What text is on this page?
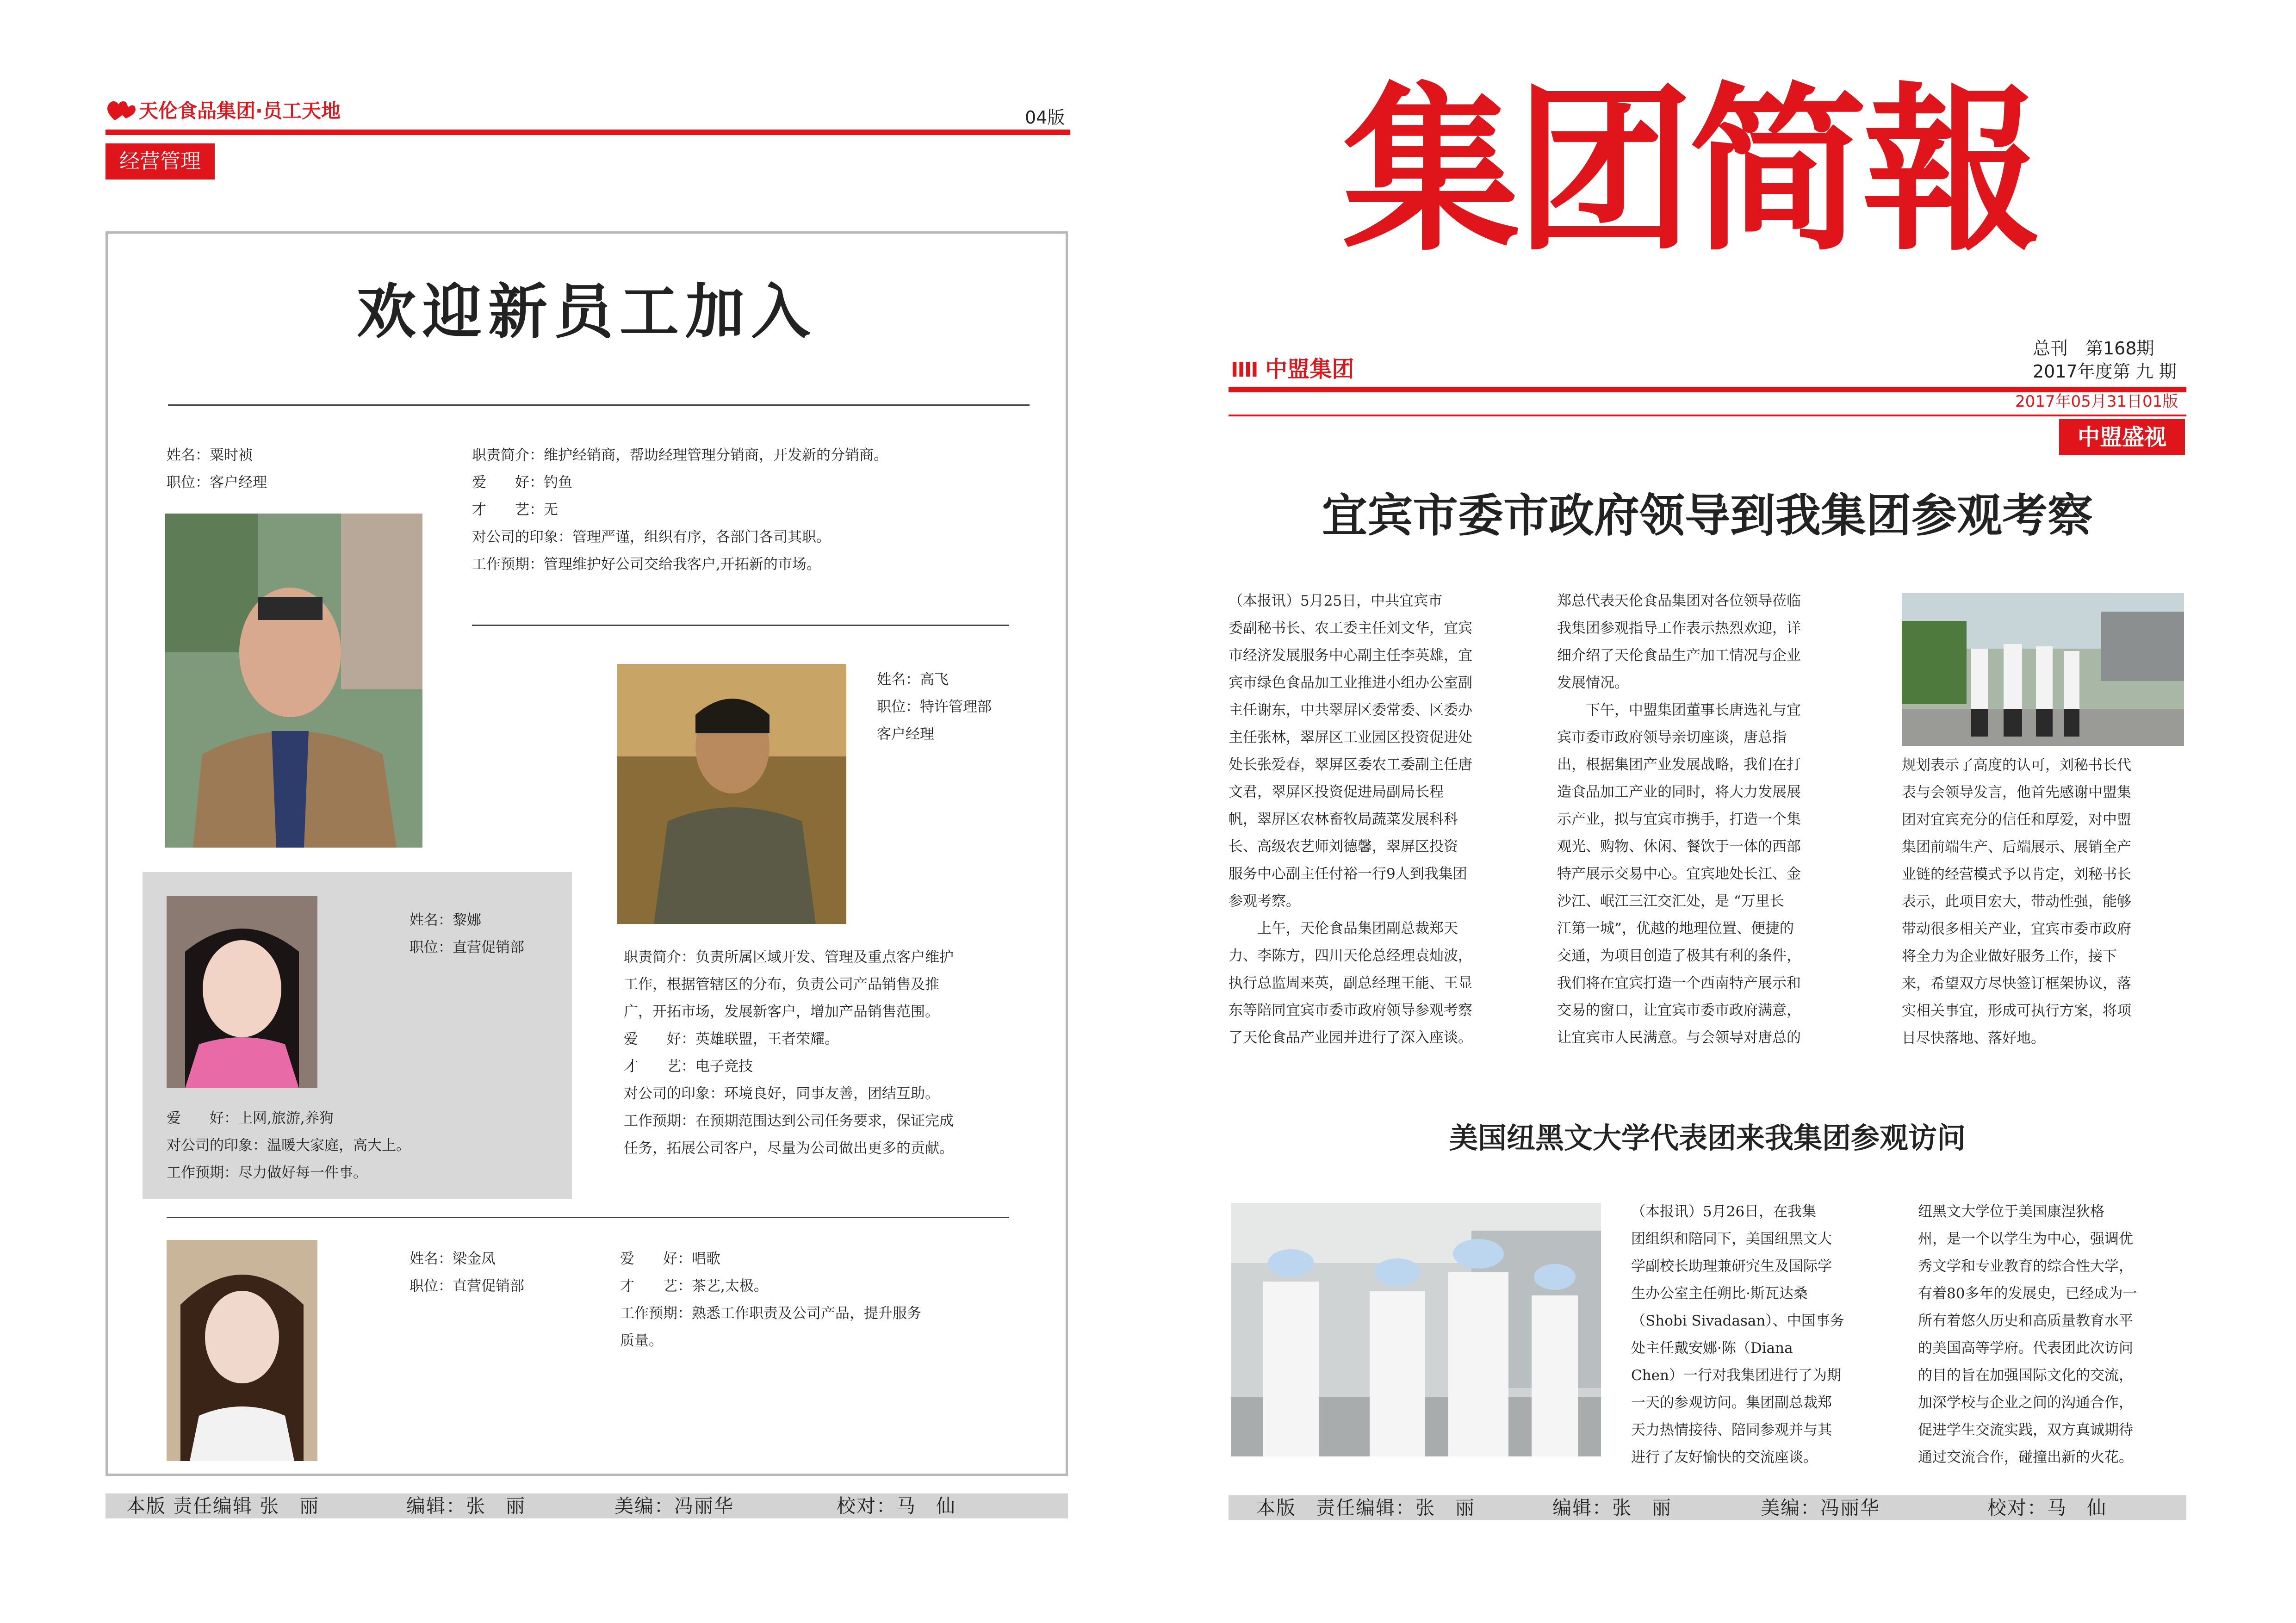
天伦食品集团·员工天地	04版
经营管理
欢迎新员工加入
姓名：粟时祯
职位：客户经理
职责简介：维护经销商，帮助经理管理分销商，开发新的分销商。
爱　　好：钓鱼
才　　艺：无
对公司的印象：管理严谨，组织有序，各部门各司其职。
工作预期：管理维护好公司交给我客户,开拓新的市场。
姓名：高飞
职位：特许管理部
客户经理
职责简介：负责所属区域开发、管理及重点客户维护
工作，根据管辖区的分布，负责公司产品销售及推
广，开拓市场，发展新客户，增加产品销售范围。
爱　　好：英雄联盟，王者荣耀。
才　　艺：电子竞技
对公司的印象：环境良好，同事友善，团结互助。
工作预期：在预期范围达到公司任务要求，保证完成
任务，拓展公司客户，尽量为公司做出更多的贡献。
姓名：黎娜
职位：直营促销部
爱　　好：上网,旅游,养狗
对公司的印象：温暖大家庭，高大上。
工作预期：尽力做好每一件事。
姓名：梁金凤
职位：直营促销部
爱　　好：唱歌
才　　艺：茶艺,太极。
工作预期：熟悉工作职责及公司产品，提升服务
质量。
本版 责任编辑 张　丽	编辑：张　丽	美编：冯丽华	校对：马　仙
集团简報
ⅠⅠⅠⅠ 中盟集团
总刊　第168期
2017年度第 九 期
2017年05月31日01版
中盟盛视
宜宾市委市政府领导到我集团参观考察
（本报讯）5月25日，中共宜宾市
委副秘书长、农工委主任刘文华，宜宾
市经济发展服务中心副主任李英雄，宜
宾市绿色食品加工业推进小组办公室副
主任谢东，中共翠屏区委常委、区委办
主任张林，翠屏区工业园区投资促进处
处长张爱春，翠屏区委农工委副主任唐
文君，翠屏区投资促进局副局长程
帆，翠屏区农林畜牧局蔬菜发展科科
长、高级农艺师刘德馨，翠屏区投资
服务中心副主任付裕一行9人到我集团
参观考察。
　　上午，天伦食品集团副总裁郑天
力、李陈方，四川天伦总经理袁灿波，
执行总监周来英，副总经理王能、王显
东等陪同宜宾市委市政府领导参观考察
了天伦食品产业园并进行了深入座谈。
郑总代表天伦食品集团对各位领导莅临
我集团参观指导工作表示热烈欢迎，详
细介绍了天伦食品生产加工情况与企业
发展情况。
　　下午，中盟集团董事长唐选礼与宜
宾市委市政府领导亲切座谈，唐总指
出，根据集团产业发展战略，我们在打
造食品加工产业的同时，将大力发展展
示产业，拟与宜宾市携手，打造一个集
观光、购物、休闲、餐饮于一体的西部
特产展示交易中心。宜宾地处长江、金
沙江、岷江三江交汇处，是 “万里长
江第一城”，优越的地理位置、便捷的
交通，为项目创造了极其有利的条件，
我们将在宜宾打造一个西南特产展示和
交易的窗口，让宜宾市委市政府满意，
让宜宾市人民满意。与会领导对唐总的
规划表示了高度的认可，刘秘书长代
表与会领导发言，他首先感谢中盟集
团对宜宾充分的信任和厚爱，对中盟
集团前端生产、后端展示、展销全产
业链的经营模式予以肯定，刘秘书长
表示，此项目宏大，带动性强，能够
带动很多相关产业，宜宾市委市政府
将全力为企业做好服务工作，接下
来，希望双方尽快签订框架协议，落
实相关事宜，形成可执行方案，将项
目尽快落地、落好地。
美国纽黑文大学代表团来我集团参观访问
（本报讯）5月26日，在我集
团组织和陪同下，美国纽黑文大
学副校长助理兼研究生及国际学
生办公室主任朔比·斯瓦达桑
（Shobi Sivadasan）、中国事务
处主任戴安娜·陈（Diana
Chen）一行对我集团进行了为期
一天的参观访问。集团副总裁郑
天力热情接待、陪同参观并与其
进行了友好愉快的交流座谈。
纽黑文大学位于美国康涅狄格
州，是一个以学生为中心，强调优
秀文学和专业教育的综合性大学，
有着80多年的发展史，已经成为一
所有着悠久历史和高质量教育水平
的美国高等学府。代表团此次访问
的目的旨在加强国际文化的交流，
加深学校与企业之间的沟通合作，
促进学生交流实践，双方真诚期待
通过交流合作，碰撞出新的火花。
本版　责任编辑：张　丽	编辑：张　丽	美编：冯丽华	校对：马　仙
